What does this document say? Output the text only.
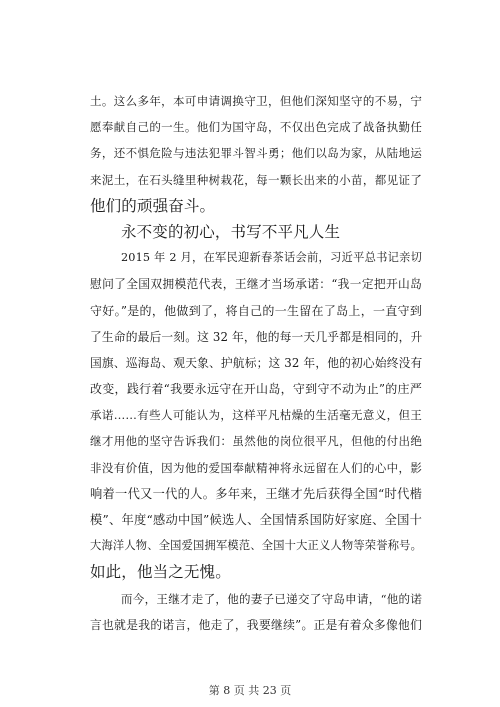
土。这么多年，本可申请调换守卫，但他们深知坚守的不易，宁
愿奉献自己的一生。他们为国守岛，不仅出色完成了战备执勤任
务，还不惧危险与违法犯罪斗智斗勇；他们以岛为家，从陆地运
来泥土，在石头缝里种树栽花，每一颗长出来的小苗，都见证了
他们的顽强奋斗。
永不变的初心，书写不平凡人生
2015 年 2 月，在军民迎新春茶话会前，习近平总书记亲切
慰问了全国双拥模范代表，王继才当场承诺：“我一定把开山岛
守好。”是的，他做到了，将自己的一生留在了岛上，一直守到
了生命的最后一刻。这 32 年，他的每一天几乎都是相同的，升
国旗、巡海岛、观天象、护航标；这 32 年，他的初心始终没有
改变，践行着“我要永远守在开山岛，守到守不动为止”的庄严
承诺……有些人可能认为，这样平凡枯燥的生活毫无意义，但王
继才用他的坚守告诉我们：虽然他的岗位很平凡，但他的付出绝
非没有价值，因为他的爱国奉献精神将永远留在人们的心中，影
响着一代又一代的人。多年来，王继才先后获得全国“时代楷
模”、年度“感动中国”候选人、全国情系国防好家庭、全国十
大海洋人物、全国爱国拥军模范、全国十大正义人物等荣誉称号。
如此，他当之无愧。
而今，王继才走了，他的妻子已递交了守岛申请，“他的诺
言也就是我的诺言，他走了，我要继续”。正是有着众多像他们
第 8 页 共 23 页
